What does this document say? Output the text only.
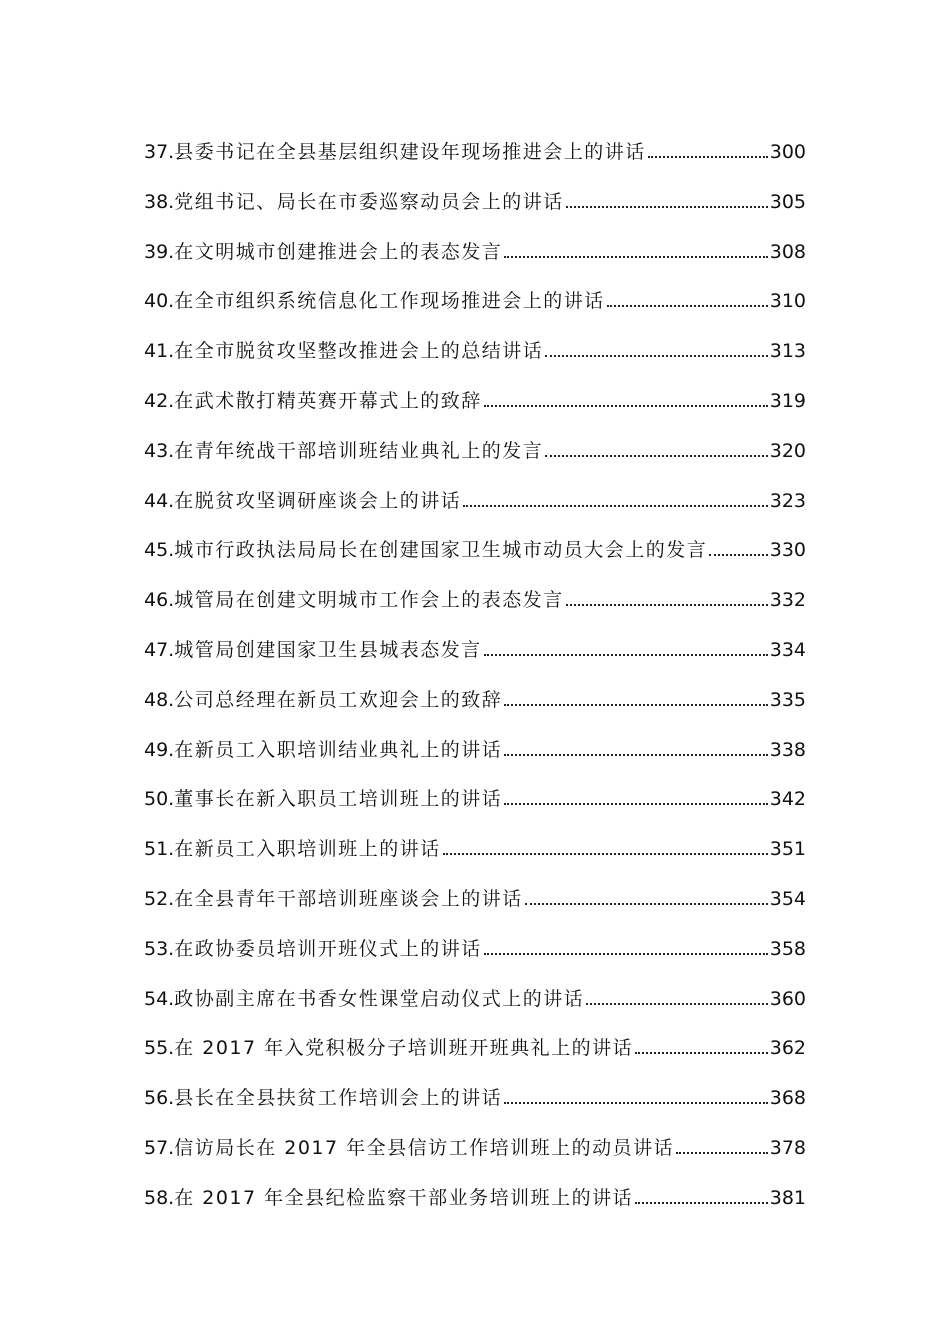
37. 县委书记在全县基层组织建设年现场推进会上的讲话	300
38. 党组书记、局长在市委巡察动员会上的讲话	305
39. 在文明城市创建推进会上的表态发言	308
40. 在全市组织系统信息化工作现场推进会上的讲话	310
41. 在全市脱贫攻坚整改推进会上的总结讲话	313
42. 在武术散打精英赛开幕式上的致辞	319
43. 在青年统战干部培训班结业典礼上的发言	320
44. 在脱贫攻坚调研座谈会上的讲话	323
45. 城市行政执法局局长在创建国家卫生城市动员大会上的发言	330
46. 城管局在创建文明城市工作会上的表态发言	332
47. 城管局创建国家卫生县城表态发言	334
48. 公司总经理在新员工欢迎会上的致辞	335
49. 在新员工入职培训结业典礼上的讲话	338
50. 董事长在新入职员工培训班上的讲话	342
51. 在新员工入职培训班上的讲话	351
52. 在全县青年干部培训班座谈会上的讲话	354
53. 在政协委员培训开班仪式上的讲话	358
54. 政协副主席在书香女性课堂启动仪式上的讲话	360
55. 在 2017 年入党积极分子培训班开班典礼上的讲话	362
56. 县长在全县扶贫工作培训会上的讲话	368
57. 信访局长在 2017 年全县信访工作培训班上的动员讲话	378
58. 在 2017 年全县纪检监察干部业务培训班上的讲话	381
